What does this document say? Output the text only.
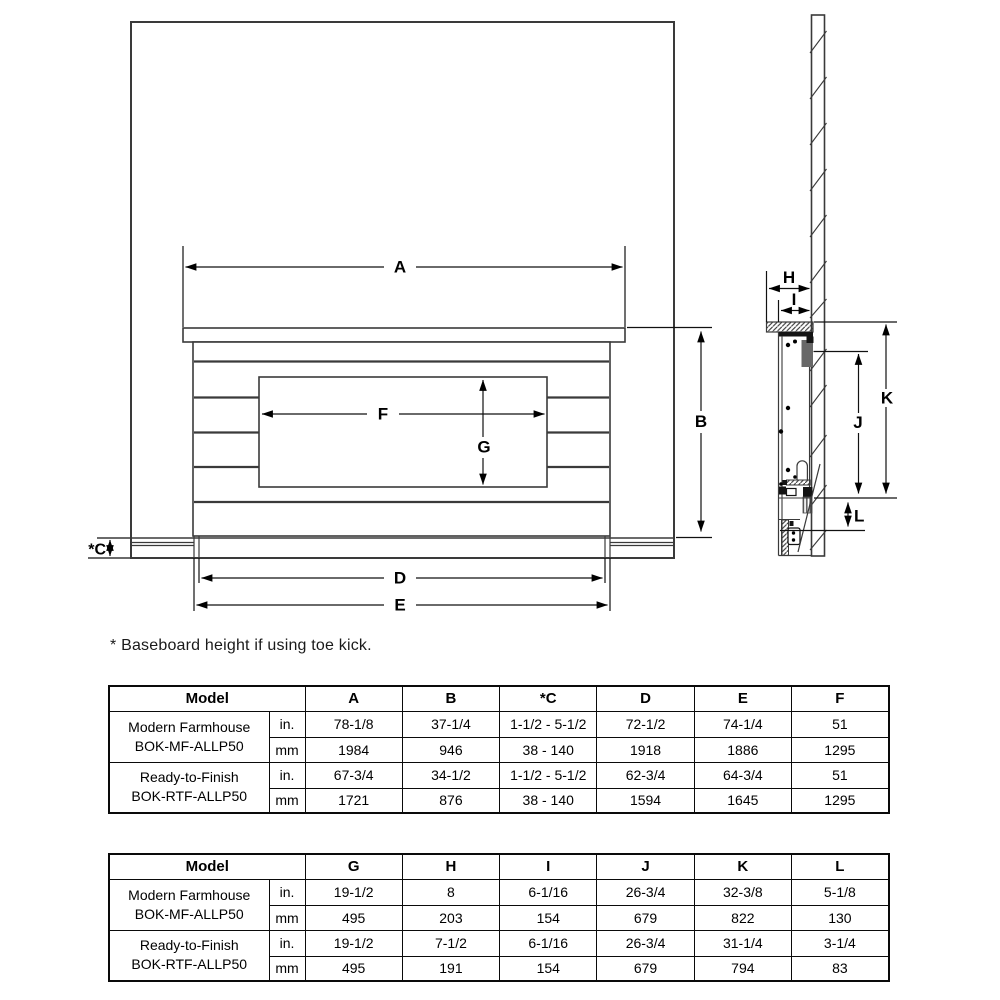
A
B
*C
D
E
F
G
H
I
J
K
L
* Baseboard height if using toe kick.
Model		A	B	*C	D	E	F

Modern Farmhouse
BOK-MF-ALLP50	in.	78-1/8	37-1/4	1-1/2 - 5-1/2	72-1/2	74-1/4	51
	mm	1984	946	38 - 140	1918	1886	1295

Ready-to-Finish
BOK-RTF-ALLP50	in.	67-3/4	34-1/2	1-1/2 - 5-1/2	62-3/4	64-3/4	51
	mm	1721	876	38 - 140	1594	1645	1295
Model		G	H	I	J	K	L

Modern Farmhouse
BOK-MF-ALLP50	in.	19-1/2	8	6-1/16	26-3/4	32-3/8	5-1/8
	mm	495	203	154	679	822	130

Ready-to-Finish
BOK-RTF-ALLP50	in.	19-1/2	7-1/2	6-1/16	26-3/4	31-1/4	3-1/4
	mm	495	191	154	679	794	83
